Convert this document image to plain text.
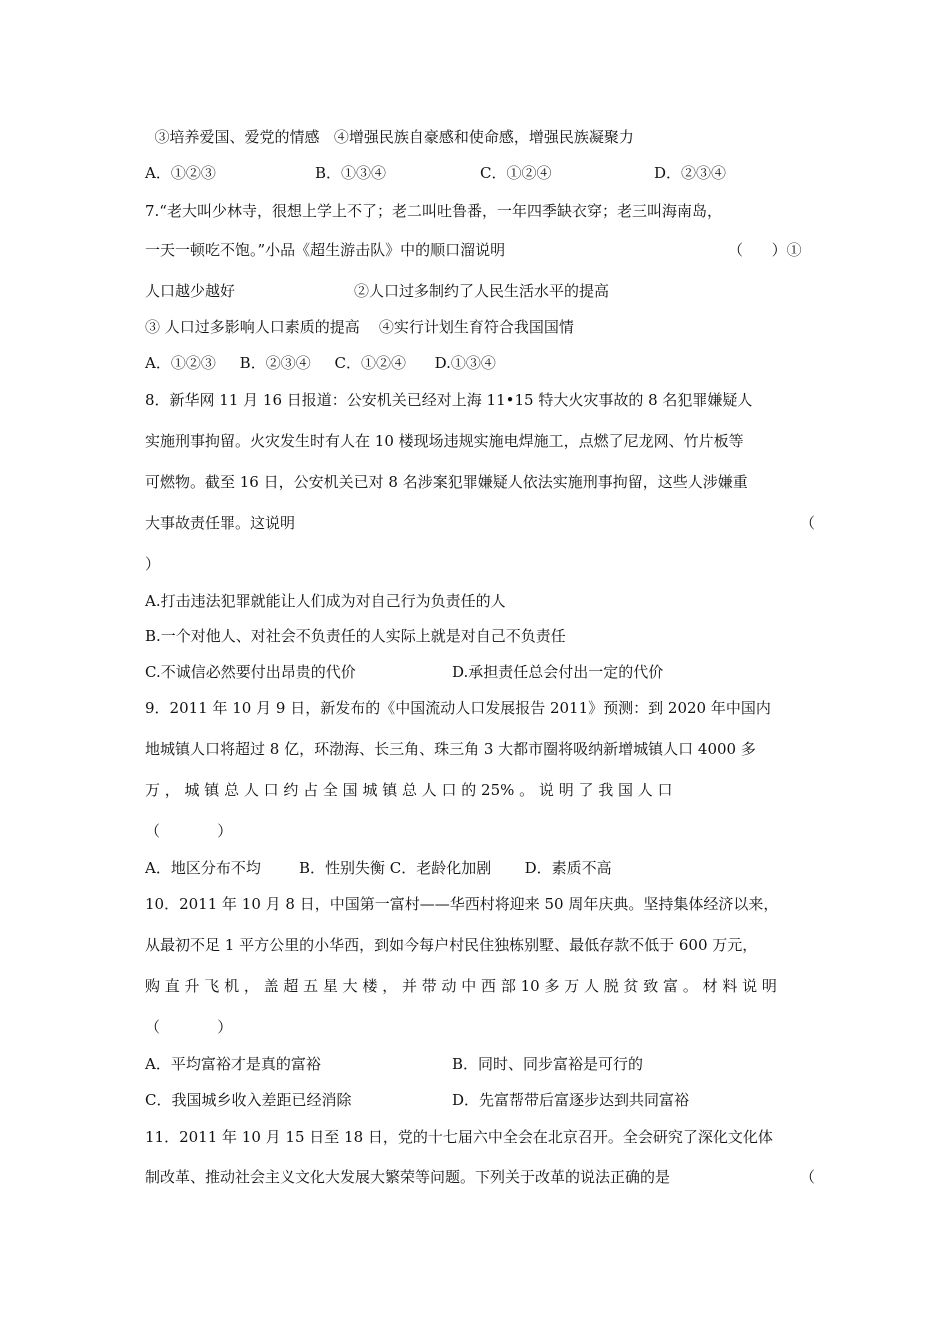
③培养爱国、爱党的情感   ④增强民族自豪感和使命感，增强民族凝聚力
A．①②③	B．①③④	C．①②④	D．②③④
7.“老大叫少林寺，很想上学上不了；老二叫吐鲁番，一年四季缺衣穿；老三叫海南岛，
一天一顿吃不饱。”小品《超生游击队》中的顺口溜说明	（      ）①
人口越少越好	②人口过多制约了人民生活水平的提高
③ 人口过多影响人口素质的提高    ④实行计划生育符合我国国情
A．①②③     B．②③④     C．①②④      D.①③④
8．新华网 11 月 16 日报道：公安机关已经对上海 11•15 特大火灾事故的 8 名犯罪嫌疑人
实施刑事拘留。火灾发生时有人在 10 楼现场违规实施电焊施工，点燃了尼龙网、竹片板等
可燃物。截至 16 日，公安机关已对 8 名涉案犯罪嫌疑人依法实施刑事拘留，这些人涉嫌重
大事故责任罪。这说明	（
）
A.打击违法犯罪就能让人们成为对自己行为负责任的人
B.一个对他人、对社会不负责任的人实际上就是对自己不负责任
C.不诚信必然要付出昂贵的代价	D.承担责任总会付出一定的代价
9．2011 年 10 月 9 日，新发布的《中国流动人口发展报告 2011》预测：到 2020 年中国内
地城镇人口将超过 8 亿，环渤海、长三角、珠三角 3 大都市圈将吸纳新增城镇人口 4000 多
万 ， 城 镇 总 人 口 约 占 全 国 城 镇 总 人 口 的 25% 。 说 明 了 我 国 人 口
（            ）
A．地区分布不均        B．性别失衡 C．老龄化加剧       D．素质不高
10．2011 年 10 月 8 日，中国第一富村——华西村将迎来 50 周年庆典。坚持集体经济以来，
从最初不足 1 平方公里的小华西，到如今每户村民住独栋别墅、最低存款不低于 600 万元，
购 直 升 飞 机 ， 盖 超 五 星 大 楼 ， 并 带 动 中 西 部 10 多 万 人 脱 贫 致 富 。 材 料 说 明
（            ）
A．平均富裕才是真的富裕	B．同时、同步富裕是可行的
C．我国城乡收入差距已经消除	D．先富帮带后富逐步达到共同富裕
11．2011 年 10 月 15 日至 18 日，党的十七届六中全会在北京召开。全会研究了深化文化体
制改革、推动社会主义文化大发展大繁荣等问题。下列关于改革的说法正确的是	（
